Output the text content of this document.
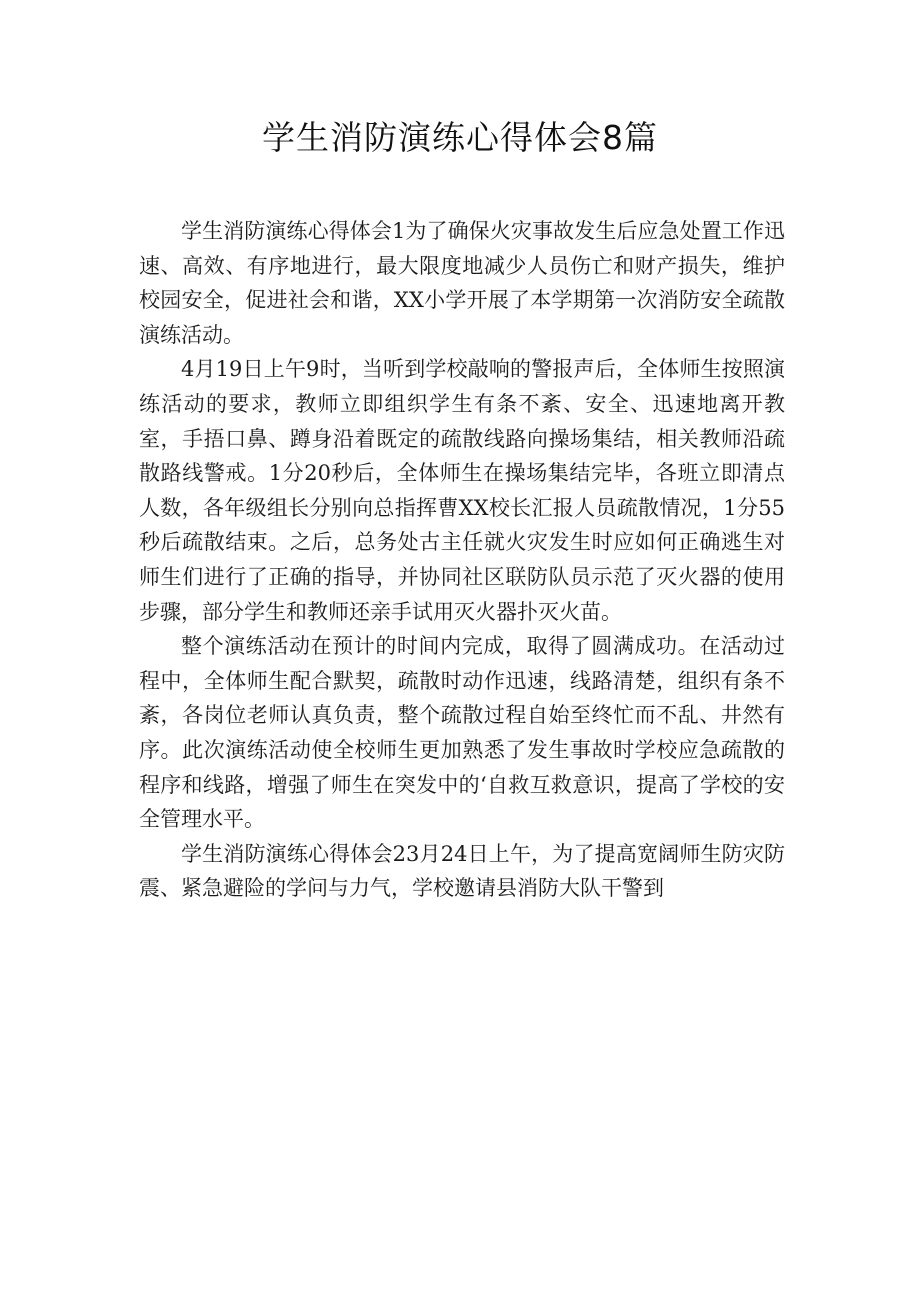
学生消防演练心得体会8篇

学生消防演练心得体会1为了确保火灾事故发生后应急处置工作迅速、高效、有序地进行，最大限度地减少人员伤亡和财产损失，维护校园安全，促进社会和谐，XX小学开展了本学期第一次消防安全疏散演练活动。

4月19日上午9时，当听到学校敲响的警报声后，全体师生按照演练活动的要求，教师立即组织学生有条不紊、安全、迅速地离开教室，手捂口鼻、蹲身沿着既定的疏散线路向操场集结，相关教师沿疏散路线警戒。1分20秒后，全体师生在操场集结完毕，各班立即清点人数，各年级组长分别向总指挥曹XX校长汇报人员疏散情况，1分55秒后疏散结束。之后，总务处古主任就火灾发生时应如何正确逃生对师生们进行了正确的指导，并协同社区联防队员示范了灭火器的使用步骤，部分学生和教师还亲手试用灭火器扑灭火苗。

整个演练活动在预计的时间内完成，取得了圆满成功。在活动过程中，全体师生配合默契，疏散时动作迅速，线路清楚，组织有条不紊，各岗位老师认真负责，整个疏散过程自始至终忙而不乱、井然有序。此次演练活动使全校师生更加熟悉了发生事故时学校应急疏散的程序和线路，增强了师生在突发中的‘自救互救意识，提高了学校的安全管理水平。

学生消防演练心得体会23月24日上午，为了提高宽阔师生防灾防震、紧急避险的学问与力气，学校邀请县消防大队干警到
